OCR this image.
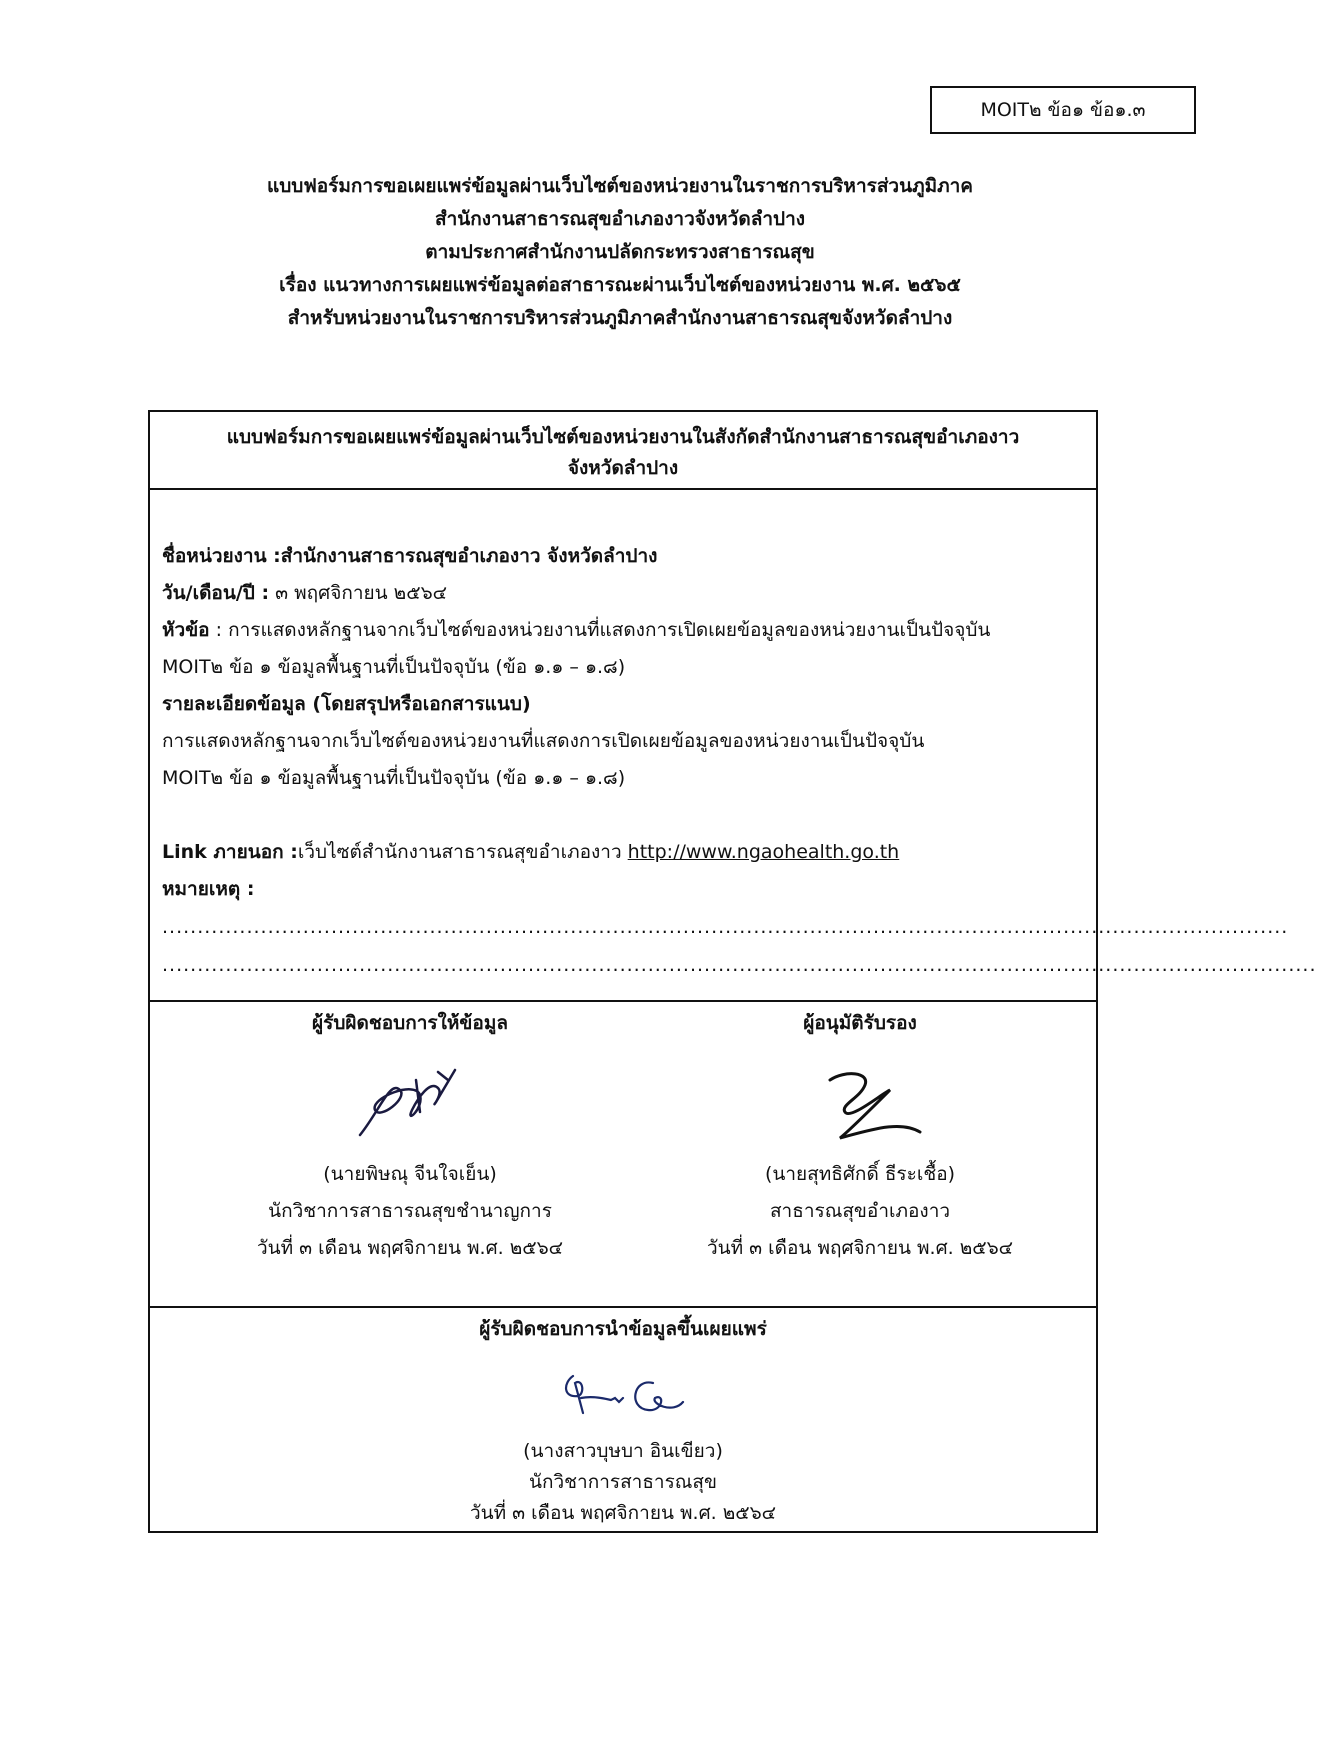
MOIT๒ ข้อ๑ ข้อ๑.๓
แบบฟอร์มการขอเผยแพร่ข้อมูลผ่านเว็บไซต์ของหน่วยงานในราชการบริหารส่วนภูมิภาค
สำนักงานสาธารณสุขอำเภองาวจังหวัดลำปาง
ตามประกาศสำนักงานปลัดกระทรวงสาธารณสุข
เรื่อง แนวทางการเผยแพร่ข้อมูลต่อสาธารณะผ่านเว็บไซต์ของหน่วยงาน พ.ศ. ๒๕๖๕
สำหรับหน่วยงานในราชการบริหารส่วนภูมิภาคสำนักงานสาธารณสุขจังหวัดลำปาง
แบบฟอร์มการขอเผยแพร่ข้อมูลผ่านเว็บไซต์ของหน่วยงานในสังกัดสำนักงานสาธารณสุขอำเภองาว
จังหวัดลำปาง
ชื่อหน่วยงาน :สำนักงานสาธารณสุขอำเภองาว จังหวัดลำปาง
วัน/เดือน/ปี : ๓ พฤศจิกายน ๒๕๖๔
หัวข้อ : การแสดงหลักฐานจากเว็บไซต์ของหน่วยงานที่แสดงการเปิดเผยข้อมูลของหน่วยงานเป็นปัจจุบัน
MOIT๒ ข้อ ๑ ข้อมูลพื้นฐานที่เป็นปัจจุบัน (ข้อ ๑.๑ – ๑.๘)
รายละเอียดข้อมูล (โดยสรุปหรือเอกสารแนบ)
การแสดงหลักฐานจากเว็บไซต์ของหน่วยงานที่แสดงการเปิดเผยข้อมูลของหน่วยงานเป็นปัจจุบัน
MOIT๒ ข้อ ๑ ข้อมูลพื้นฐานที่เป็นปัจจุบัน (ข้อ ๑.๑ – ๑.๘)
Link ภายนอก :เว็บไซต์สำนักงานสาธารณสุขอำเภองาว http://www.ngaohealth.go.th
หมายเหตุ :
................................................................................................................................................................
....................................................................................................................................................................
ผู้รับผิดชอบการให้ข้อมูล
(นายพิษณุ จีนใจเย็น)
นักวิชาการสาธารณสุขชำนาญการ
วันที่ ๓ เดือน พฤศจิกายน พ.ศ. ๒๕๖๔
ผู้อนุมัติรับรอง
(นายสุทธิศักดิ์ ธีระเชื้อ)
สาธารณสุขอำเภองาว
วันที่ ๓ เดือน พฤศจิกายน พ.ศ. ๒๕๖๔
ผู้รับผิดชอบการนำข้อมูลขึ้นเผยแพร่
(นางสาวบุษบา อินเขียว)
นักวิชาการสาธารณสุข
วันที่ ๓ เดือน พฤศจิกายน พ.ศ. ๒๕๖๔
